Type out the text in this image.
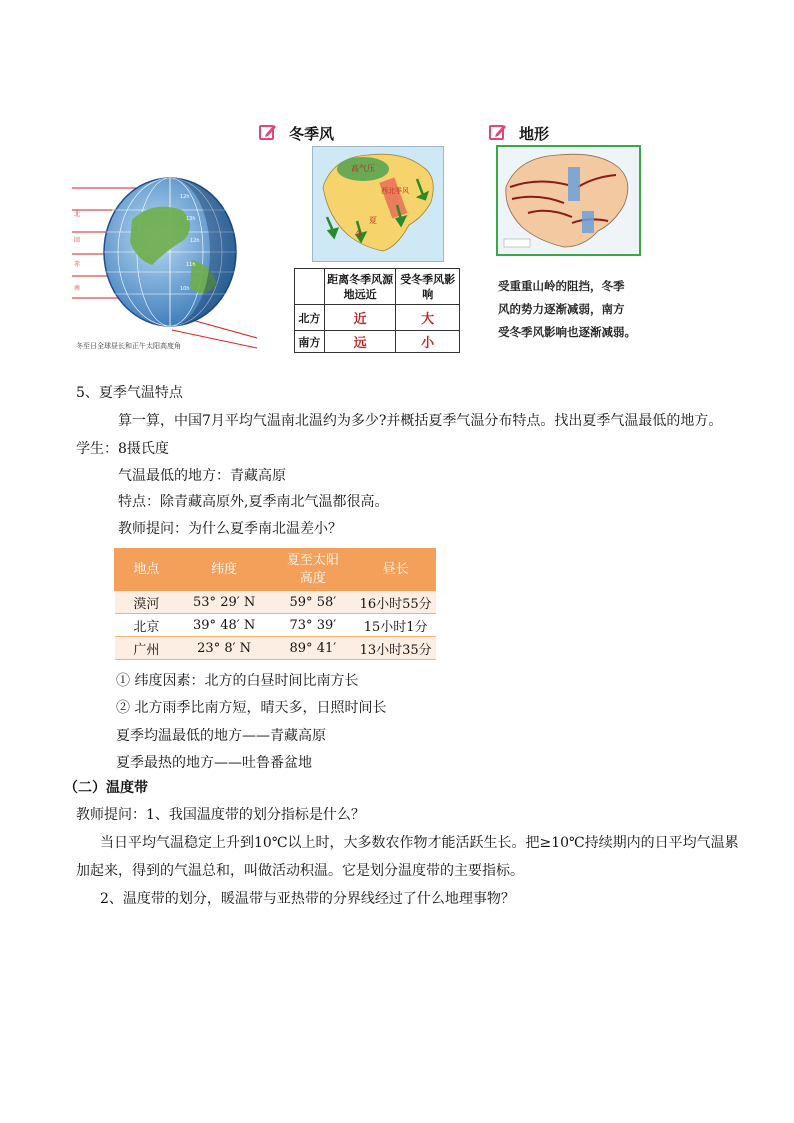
北
回
赤
南
12h
13h
12h
11h
10h
冬至日全球昼长和正午太阳高度角
冬季风
高气压
西北季风
夏
冬
	距离冬季风源地远近	受冬季风影响
北方	近	大
南方	远	小
地形
受重重山岭的阻挡，冬季
风的势力逐渐减弱，南方
受冬季风影响也逐渐减弱。
5、夏季气温特点
算一算，中国7月平均气温南北温约为多少?并概括夏季气温分布特点。找出夏季气温最低的地方。
学生：8摄氏度
气温最低的地方：青藏高原
特点：除青藏高原外,夏季南北气温都很高。
教师提问：为什么夏季南北温差小？
地点	纬度	夏至太阳高度	昼长
漠河	53° 29′ N	59° 58′	16小时55分
北京	39° 48′ N	73° 39′	15小时1分
广州	23° 8′ N	89° 41′	13小时35分
① 纬度因素：北方的白昼时间比南方长
② 北方雨季比南方短，晴天多，日照时间长
夏季均温最低的地方——青藏高原
夏季最热的地方——吐鲁番盆地
（二）温度带
教师提问：1、我国温度带的划分指标是什么？
当日平均气温稳定上升到10℃以上时，大多数农作物才能活跃生长。把≥10℃持续期内的日平均气温累
加起来，得到的气温总和，叫做活动积温。它是划分温度带的主要指标。
2、温度带的划分，暖温带与亚热带的分界线经过了什么地理事物？
